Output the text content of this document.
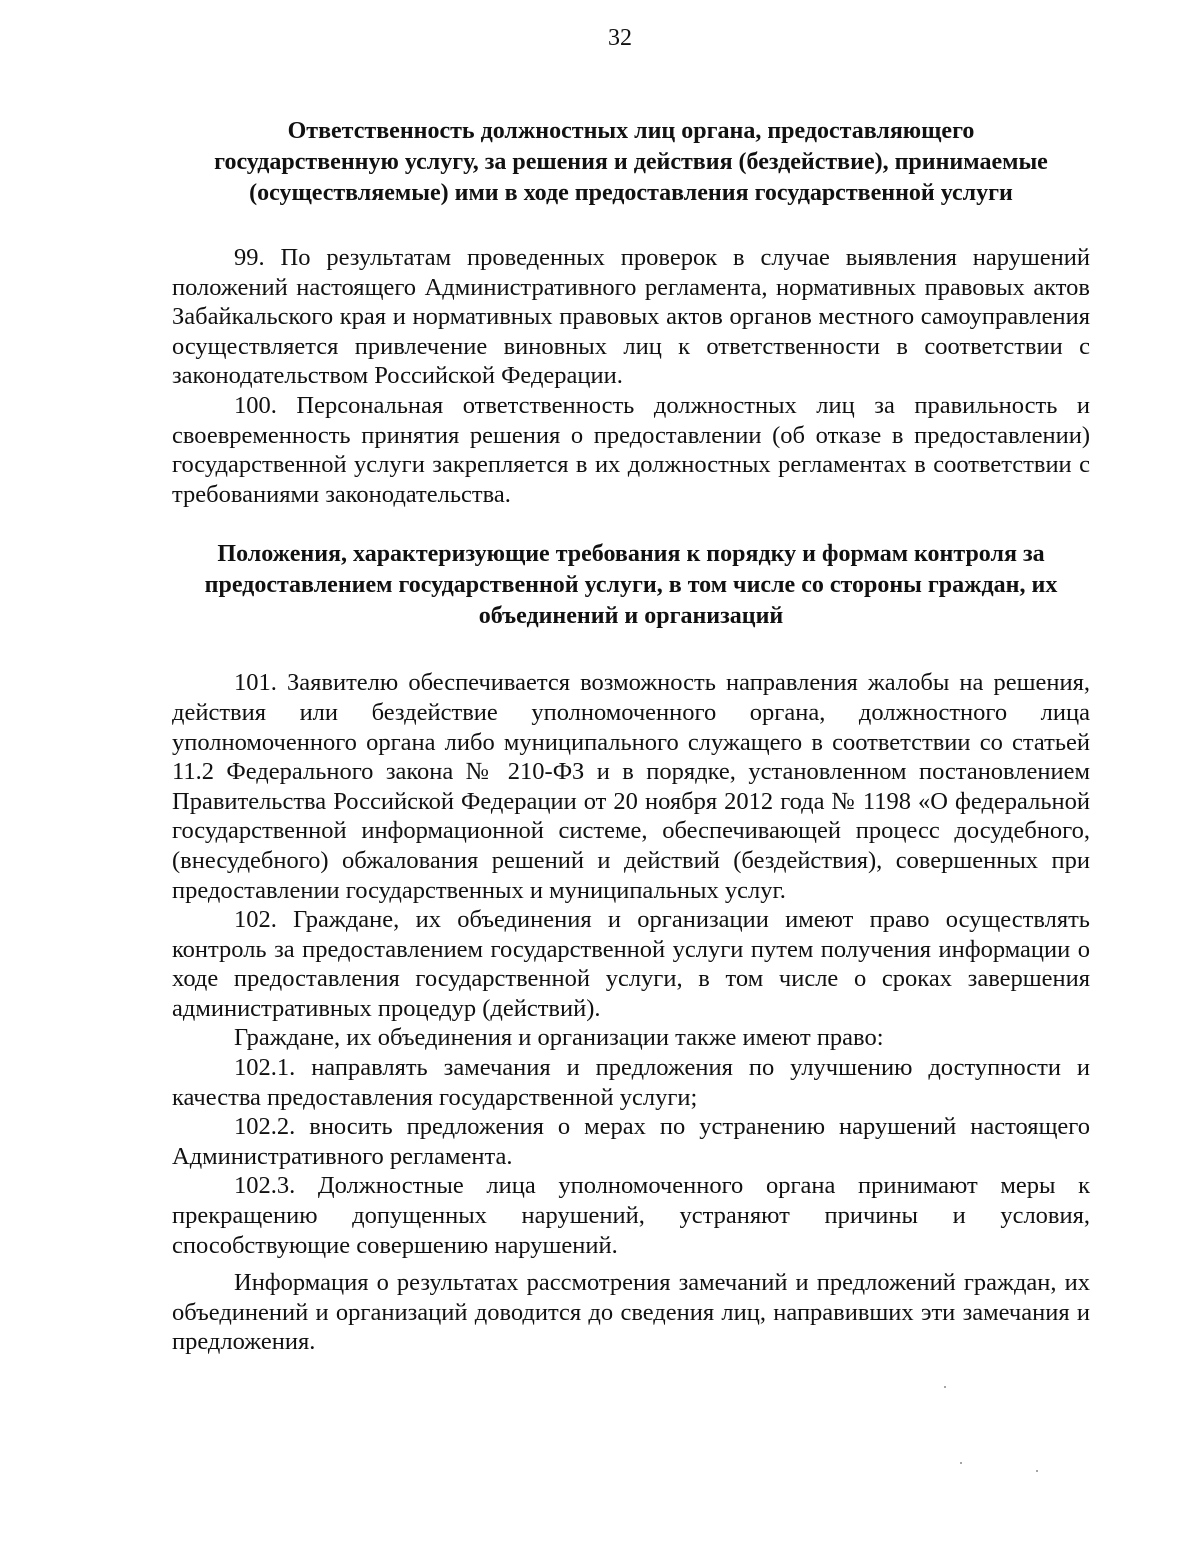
32
Ответственность должностных лиц органа, предоставляющего
государственную услугу, за решения и действия (бездействие), принимаемые
(осуществляемые) ими в ходе предоставления государственной услуги

99. По результатам проведенных проверок в случае выявления нарушений положений настоящего Административного регламента, нормативных правовых актов Забайкальского края и нормативных правовых актов органов местного самоуправления осуществляется привлечение виновных лиц к ответственности в соответствии с законодательством Российской Федерации.

100. Персональная ответственность должностных лиц за правильность и своевременность принятия решения о предоставлении (об отказе в предоставлении) государственной услуги закрепляется в их должностных регламентах в соответствии с требованиями законодательства.

Положения, характеризующие требования к порядку и формам контроля за
предоставлением государственной услуги, в том числе со стороны граждан, их
объединений и организаций

101. Заявителю обеспечивается возможность направления жалобы на решения, действия или бездействие уполномоченного органа, должностного лица уполномоченного органа либо муниципального служащего в соответствии со статьей 11.2 Федерального закона № 210-ФЗ и в порядке, установленном постановлением Правительства Российской Федерации от 20 ноября 2012 года № 1198 «О федеральной государственной информационной системе, обеспечивающей процесс досудебного, (внесудебного) обжалования решений и действий (бездействия), совершенных при предоставлении государственных и муниципальных услуг.

102. Граждане, их объединения и организации имеют право осуществлять контроль за предоставлением государственной услуги путем получения информации о ходе предоставления государственной услуги, в том числе о сроках завершения административных процедур (действий).

Граждане, их объединения и организации также имеют право:

102.1. направлять замечания и предложения по улучшению доступности и качества предоставления государственной услуги;

102.2. вносить предложения о мерах по устранению нарушений настоящего Административного регламента.

102.3. Должностные лица уполномоченного органа принимают меры к прекращению допущенных нарушений, устраняют причины и условия, способствующие совершению нарушений.

Информация о результатах рассмотрения замечаний и предложений граждан, их объединений и организаций доводится до сведения лиц, направивших эти замечания и предложения.
